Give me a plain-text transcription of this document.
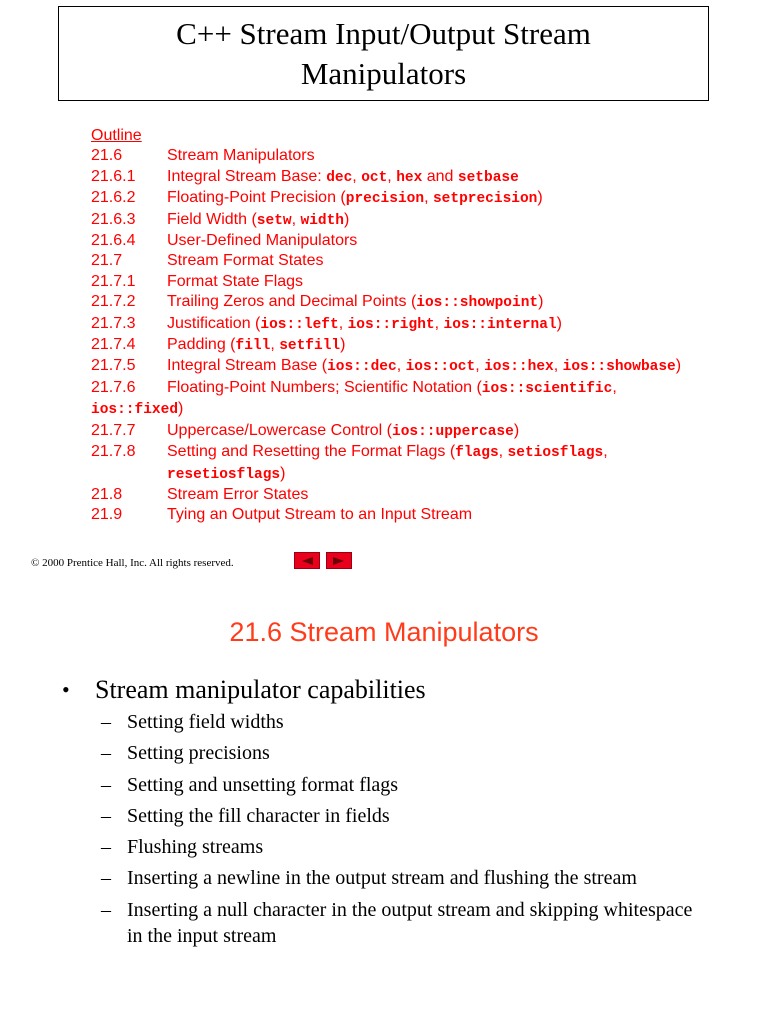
C++ Stream Input/Output Stream Manipulators
Outline
21.6	Stream Manipulators
21.6.1	Integral Stream Base: dec, oct, hex and setbase
21.6.2	Floating-Point Precision (precision, setprecision)
21.6.3	Field Width (setw, width)
21.6.4	User-Defined Manipulators
21.7	Stream Format States
21.7.1	Format State Flags
21.7.2	Trailing Zeros and Decimal Points (ios::showpoint)
21.7.3	Justification (ios::left, ios::right, ios::internal)
21.7.4	Padding (fill, setfill)
21.7.5 Integral Stream Base (ios::dec, ios::oct, ios::hex, ios::showbase)
21.7.6 Floating-Point Numbers; Scientific Notation (ios::scientific, ios::fixed)
21.7.7	Uppercase/Lowercase Control (ios::uppercase)
21.7.8	Setting and Resetting the Format Flags (flags, setiosflags, resetiosflags)
21.8	Stream Error States
21.9	Tying an Output Stream to an Input Stream
© 2000 Prentice Hall, Inc. All rights reserved.
21.6 Stream Manipulators
• Stream manipulator capabilities
– Setting field widths
– Setting precisions
– Setting and unsetting format flags
– Setting the fill character in fields
– Flushing streams
– Inserting a newline in the output stream and flushing the stream
– Inserting a null character in the output stream and skipping whitespace in the input stream
